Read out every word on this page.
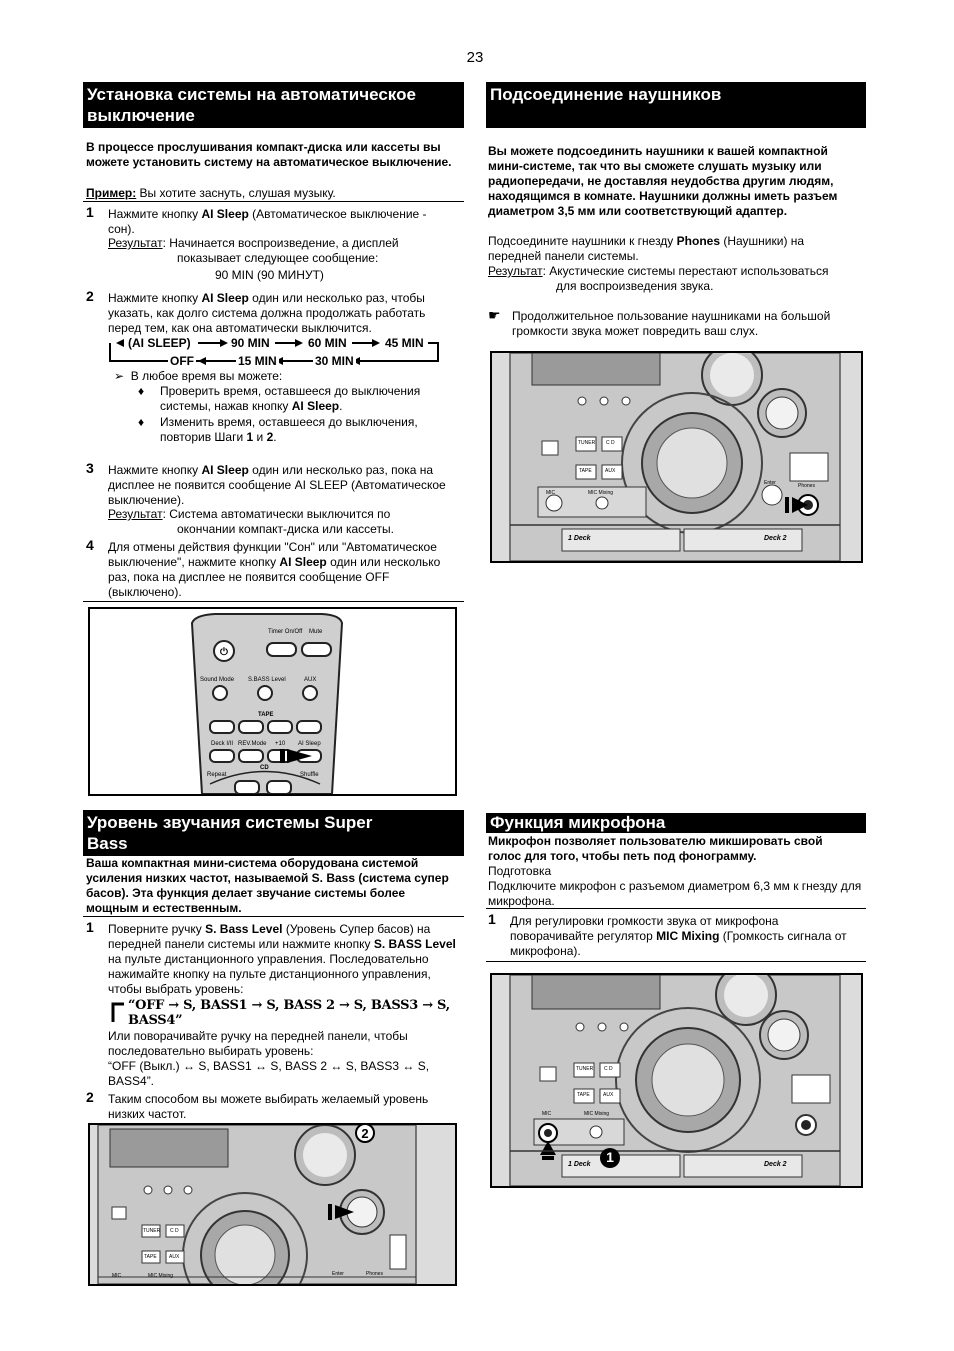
23
Установка системы на автоматическое
выключение
В процессе прослушивания компакт-диска или кассеты вы можете установить систему на автоматическое выключение.
Пример: Вы хотите заснуть, слушая музыку.
1 Нажмите кнопку AI Sleep (Автоматическое выключение - сон).
Результат: Начинается воспроизведение, а дисплей
показывает следующее сообщение:
90 MIN (90 МИНУТ)
2 Нажмите кнопку AI Sleep один или несколько раз, чтобы указать, как долго система должна продолжать работать перед тем, как она автоматически выключится.
(AI SLEEP)	90 MIN	60 MIN	45 MIN
OFF	15 MIN	30 MIN
➢ В любое время вы можете:
♦ Проверить время, оставшееся до выключения системы, нажав кнопку AI Sleep.
♦ Изменить время, оставшееся до выключения, повторив Шаги 1 и 2.
3 Нажмите кнопку AI Sleep один или несколько раз, пока на дисплее не появится сообщение AI SLEEP (Автоматическое выключение).
Результат: Система автоматически выключится по
окончании компакт-диска или кассеты.
4 Для отмены действия функции "Сон" или "Автоматическое выключение", нажмите кнопку AI Sleep один или несколько раз, пока на дисплее не появится сообщение OFF (выключено).
⏻
Timer On/Off Mute
Sound Mode S.BASS Level	AUX
TAPE
Deck I/II REV.Mode +10 AI Sleep
CD
Repeat	Shuffle
Уровень звучания системы Super
Bass
Ваша компактная мини-система оборудована системой усиления низких частот, называемой S. Bass (система супер басов). Эта функция делает звучание системы более мощным и естественным.
1 Поверните ручку S. Bass Level (Уровень Супер басов) на передней панели системы или нажмите кнопку S. BASS Level на пульте дистанционного управления. Последовательно нажимайте кнопку на пульте дистанционного управления, чтобы выбрать уровень:
“OFF → S, BASS1 → S, BASS 2 → S, BASS3 → S, BASS4”
Или поворачивайте ручку на передней панели, чтобы последовательно выбирать уровень:
“OFF (Выкл.) ↔ S, BASS1 ↔ S, BASS 2 ↔ S, BASS3 ↔ S, BASS4”.
2 Таким способом вы можете выбирать желаемый уровень низких частот.
2
TUNER C D
TAPE AUX
MIC	MIC Mixing	Enter	Phones
Подсоединение наушников
Вы можете подсоединить наушники к вашей компактной мини-системе, так что вы сможете слушать музыку или радиопередачи, не доставляя неудобства другим людям, находящимся в комнате. Наушники должны иметь разъем диаметром 3,5 мм или соответствующий адаптер.
Подсоедините наушники к гнезду Phones (Наушники) на передней панели системы.
Результат: Акустические системы перестают использоваться
для воспроизведения звука.
☛ Продолжительное пользование наушниками на большой громкости звука может повредить ваш слух.
TUNER C D
TAPE	AUX
MIC	MIC Mixing
Enter	Phones
1 Deck	Deck 2
Функция микрофона
Микрофон позволяет пользователю микшировать свой голос для того, чтобы петь под фонограмму.
Подготовка
Подключите микрофон с разъемом диаметром 6,3 мм к гнезду для микрофона.
1 Для регулировки громкости звука от микрофона поворачивайте регулятор MIC Mixing (Громкость сигнала от микрофона).
1
TUNER C D
TAPE	AUX
MIC	MIC Mixing
1 Deck	Deck 2
